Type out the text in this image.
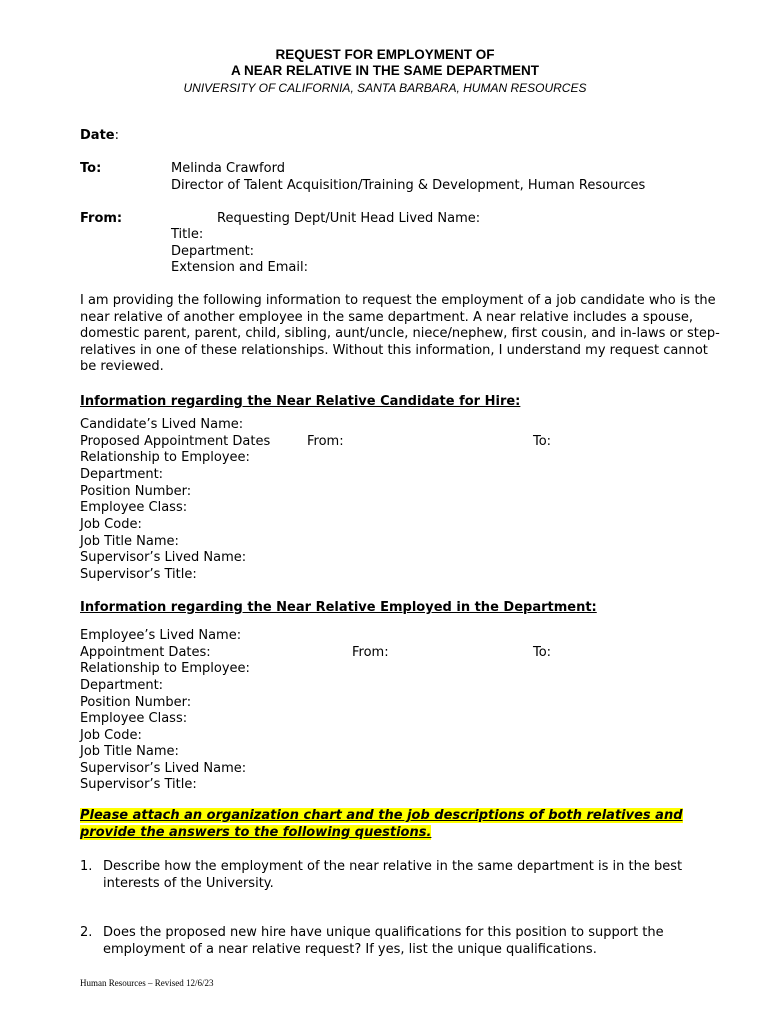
REQUEST FOR EMPLOYMENT OF
A NEAR RELATIVE IN THE SAME DEPARTMENT
UNIVERSITY OF CALIFORNIA, SANTA BARBARA, HUMAN RESOURCES
Date:
To:	Melinda Crawford
Director of Talent Acquisition/Training & Development, Human Resources
From:	Requesting Dept/Unit Head Lived Name:
Title:
Department:
Extension and Email:
I am providing the following information to request the employment of a job candidate who is the near relative of another employee in the same department. A near relative includes a spouse, domestic parent, parent, child, sibling, aunt/uncle, niece/nephew, first cousin, and in-laws or step-relatives in one of these relationships. Without this information, I understand my request cannot be reviewed.
Information regarding the Near Relative Candidate for Hire:
Candidate’s Lived Name:
Proposed Appointment Dates	From:	To:
Relationship to Employee:
Department:
Position Number:
Employee Class:
Job Code:
Job Title Name:
Supervisor’s Lived Name:
Supervisor’s Title:
Information regarding the Near Relative Employed in the Department:
Employee’s Lived Name:
Appointment Dates:	From:	To:
Relationship to Employee:
Department:
Position Number:
Employee Class:
Job Code:
Job Title Name:
Supervisor’s Lived Name:
Supervisor’s Title:
Please attach an organization chart and the job descriptions of both relatives and
provide the answers to the following questions.
1. Describe how the employment of the near relative in the same department is in the best interests of the University.
2. Does the proposed new hire have unique qualifications for this position to support the employment of a near relative request? If yes, list the unique qualifications.
Human Resources – Revised 12/6/23
